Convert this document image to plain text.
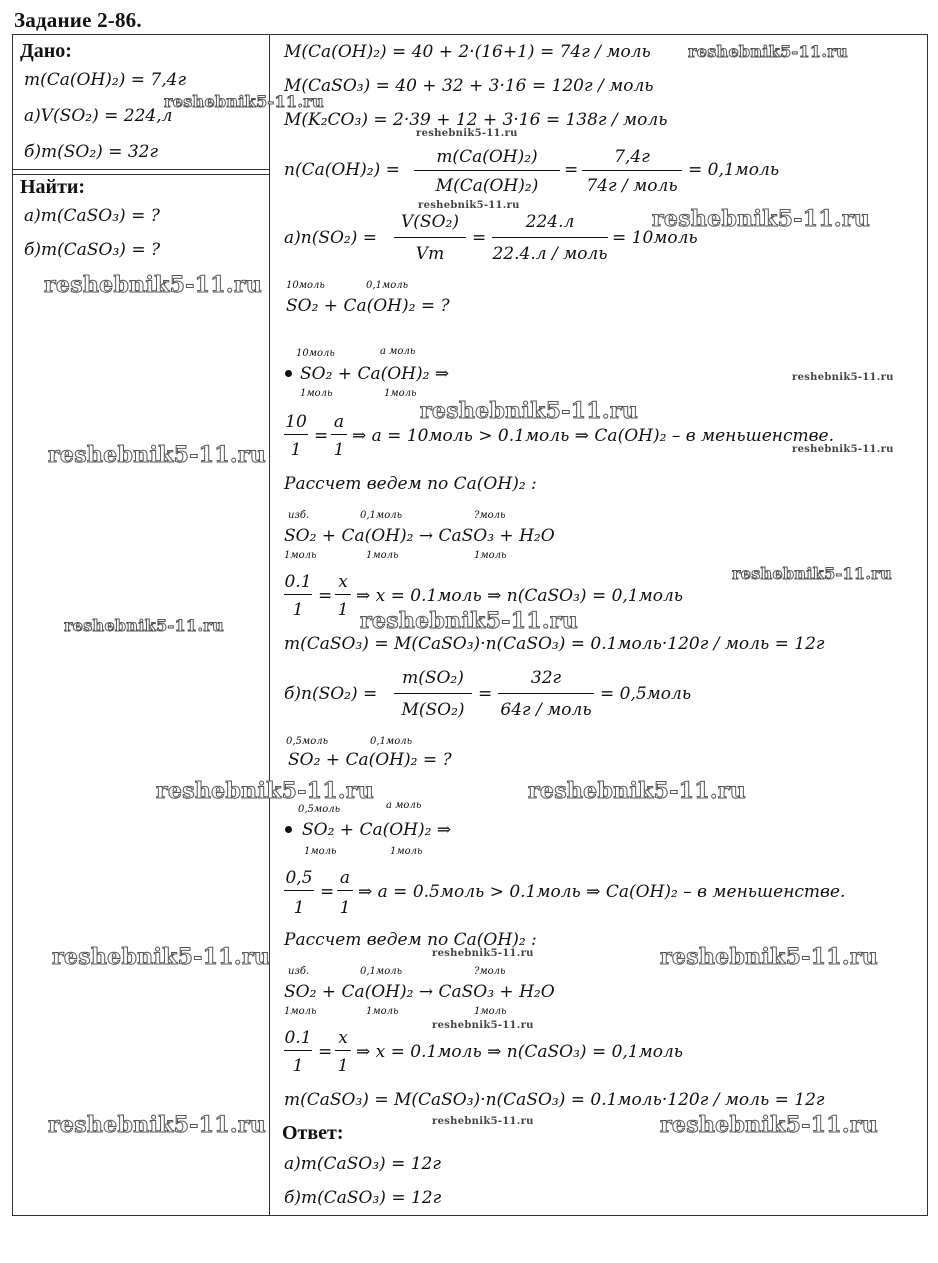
Задание 2-86.
Дано:
m(Ca(OH)₂) = 7,4г
а)V(SO₂) = 224,л
б)m(SO₂) = 32г
Найти:
а)m(CaSO₃) = ?
б)m(CaSO₃) = ?
M(Ca(OH)₂) = 40 + 2·(16+1) = 74г / моль
M(CaSO₃) = 40 + 32 + 3·16 = 120г / моль
M(K₂CO₃) = 2·39 + 12 + 3·16 = 138г / моль
n(Ca(OH)₂) =
m(Ca(OH)₂)
M(Ca(OH)₂)
=
7,4г
74г / моль
= 0,1моль
а)n(SO₂) =
V(SO₂)
Vm
=
224.л
22.4.л / моль
= 10моль
10моль	0,1моль
SO₂ + Ca(OH)₂ = ?
10моль	а моль
SO₂ + Ca(OH)₂ ⇒
1моль	1моль
10
1
=
a
1
⇒ a = 10моль > 0.1моль ⇒ Ca(OH)₂ – в меньшенстве.
Рассчет ведем по Ca(OH)₂ :
изб.	0,1моль	?моль
SO₂ + Ca(OH)₂ → CaSO₃ + H₂O
1моль	1моль	1моль
0.1
1
=
x
1
⇒ x = 0.1моль ⇒ n(CaSO₃) = 0,1моль
m(CaSO₃) = M(CaSO₃)·n(CaSO₃) = 0.1моль·120г / моль = 12г
б)n(SO₂) =
m(SO₂)
M(SO₂)
=
32г
64г / моль
= 0,5моль
0,5моль	0,1моль
SO₂ + Ca(OH)₂ = ?
0,5моль	а моль
SO₂ + Ca(OH)₂ ⇒
1моль	1моль
0,5
1
=
a
1
⇒ a = 0.5моль > 0.1моль ⇒ Ca(OH)₂ – в меньшенстве.
Рассчет ведем по Ca(OH)₂ :
изб.	0,1моль	?моль
SO₂ + Ca(OH)₂ → CaSO₃ + H₂O
1моль	1моль	1моль
0.1
1
=
x
1
⇒ x = 0.1моль ⇒ n(CaSO₃) = 0,1моль
m(CaSO₃) = M(CaSO₃)·n(CaSO₃) = 0.1моль·120г / моль = 12г
Ответ:
а)m(CaSO₃) = 12г
б)m(CaSO₃) = 12г
reshebnik5-11.ru
reshebnik5-11.ru
reshebnik5-11.ru
reshebnik5-11.ru
reshebnik5-11.ru
reshebnik5-11.ru
reshebnik5-11.ru
reshebnik5-11.ru
reshebnik5-11.ru
reshebnik5-11.ru
reshebnik5-11.ru
reshebnik5-11.ru
reshebnik5-11.ru
reshebnik5-11.ru	reshebnik5-11.ru
reshebnik5-11.ru
reshebnik5-11.ru	reshebnik5-11.ru
reshebnik5-11.ru
reshebnik5-11.ru	reshebnik5-11.ru	reshebnik5-11.ru
